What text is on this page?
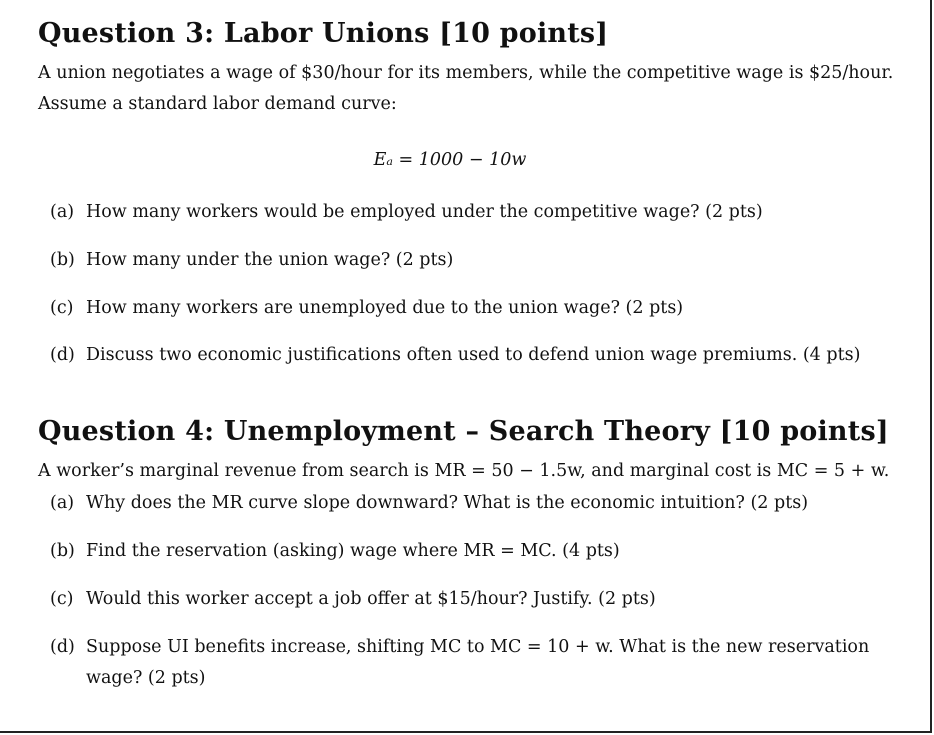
Question 3: Labor Unions [10 points]
A union negotiates a wage of $30/hour for its members, while the competitive wage is $25/hour.
Assume a standard labor demand curve:
Eₐ = 1000 − 10w
(a) How many workers would be employed under the competitive wage? (2 pts)
(b) How many under the union wage? (2 pts)
(c) How many workers are unemployed due to the union wage? (2 pts)
(d) Discuss two economic justifications often used to defend union wage premiums. (4 pts)
Question 4: Unemployment – Search Theory [10 points]
A worker’s marginal revenue from search is MR = 50 − 1.5w, and marginal cost is MC = 5 + w.
(a) Why does the MR curve slope downward? What is the economic intuition? (2 pts)
(b) Find the reservation (asking) wage where MR = MC. (4 pts)
(c) Would this worker accept a job offer at $15/hour? Justify. (2 pts)
(d) Suppose UI benefits increase, shifting MC to MC = 10 + w. What is the new reservation
wage? (2 pts)
